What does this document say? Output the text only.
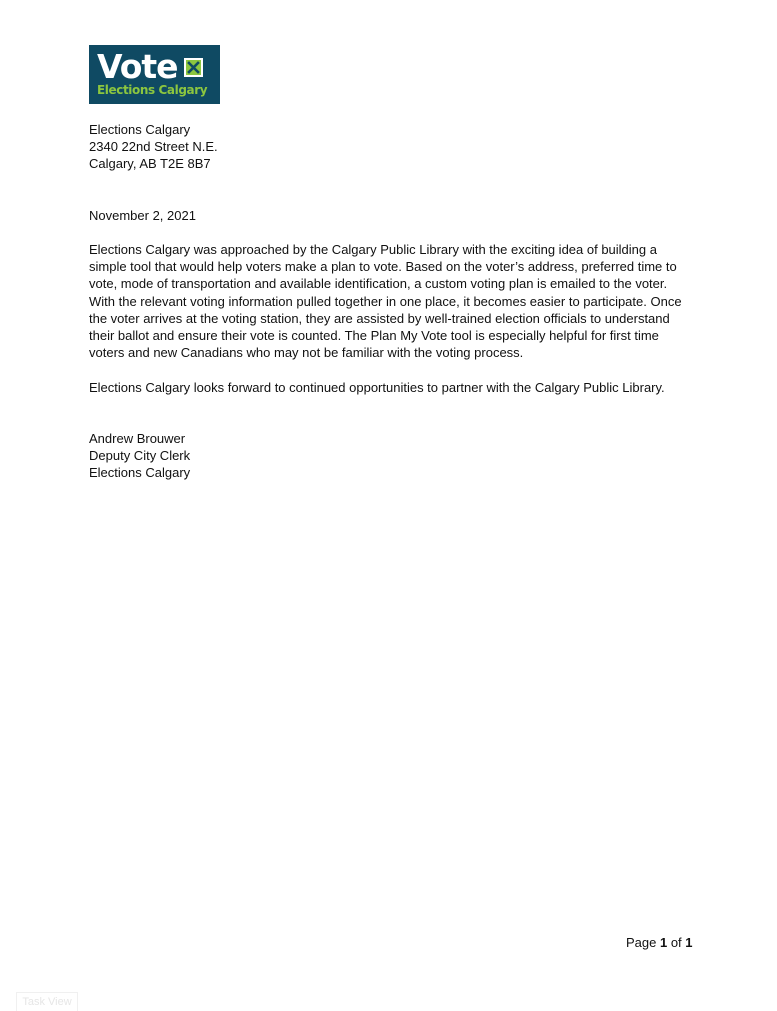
Vote
Elections Calgary
Elections Calgary
2340 22nd Street N.E.
Calgary, AB T2E 8B7
November 2, 2021
Elections Calgary was approached by the Calgary Public Library with the exciting idea of building a
simple tool that would help voters make a plan to vote. Based on the voter’s address, preferred time to
vote, mode of transportation and available identification, a custom voting plan is emailed to the voter.
With the relevant voting information pulled together in one place, it becomes easier to participate. Once
the voter arrives at the voting station, they are assisted by well-trained election officials to understand
their ballot and ensure their vote is counted. The Plan My Vote tool is especially helpful for first time
voters and new Canadians who may not be familiar with the voting process.
Elections Calgary looks forward to continued opportunities to partner with the Calgary Public Library.
Andrew Brouwer
Deputy City Clerk
Elections Calgary
Page 1 of 1
Task View
